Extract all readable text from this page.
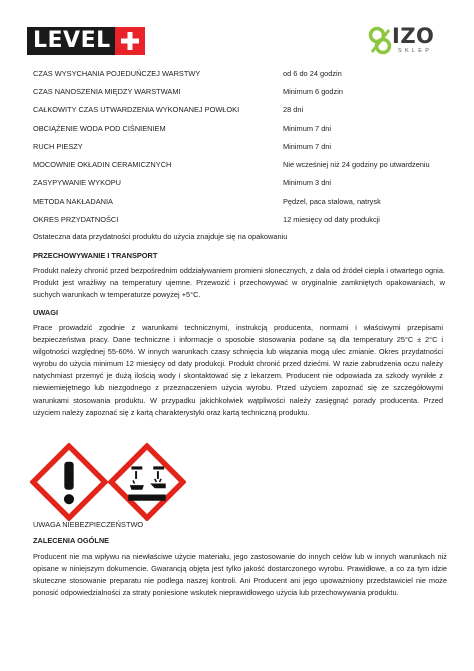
LEVEL	IZO
SKLEP
CZAS WYSYCHANIA POJEDUŃCZEJ WARSTWY	od 6 do 24 godzin
CZAS NANOSZENIA MIĘDZY WARSTWAMI	Minimum 6 godzin
CAŁKOWITY CZAS UTWARDZENIA WYKONANEJ POWŁOKI	28 dni
OBCIĄŻENIE WODA POD CIŚNIENIEM	Minimum 7 dni
RUCH PIESZY	Minimum 7 dni
MOCOWNIE OKŁADIN CERAMICZNYCH	Nie wcześniej niż 24 godziny po utwardzeniu
ZASYPYWANIE WYKOPU	Minimum 3 dni
METODA NAKŁADANIA	Pędzel, paca stalowa, natrysk
OKRES PRZYDATNOŚCI	12 miesięcy od daty produkcji
Ostateczna data przydatności produktu do użycia znajduje się na opakowaniu
PRZECHOWYWANIE I TRANSPORT
Produkt należy chronić przed bezpośrednim oddziaływaniem promieni słonecznych, z dala od źródeł ciepła i otwartego ognia. Produkt jest wrażliwy na temperatury ujemne. Przewozić i przechowywać w oryginalnie zamkniętych opakowaniach, w suchych warunkach w temperaturze powyżej +5°C.
UWAGI
Prace prowadzić zgodnie z warunkami technicznymi, instrukcją producenta, normami i właściwymi przepisami bezpieczeństwa pracy. Dane techniczne i informacje o sposobie stosowania podane są dla temperatury 25°C ± 2°C i wilgotności względnej 55-60%. W innych warunkach czasy schnięcia lub wiązania mogą ulec zmianie. Okres przydatności wyrobu do użycia minimum 12 miesięcy od daty produkcji. Produkt chronić przed dziećmi. W razie zabrudzenia oczu należy natychmiast przemyć je dużą ilością wody i skontaktować się z lekarzem. Producent nie odpowiada za szkody wynikłe z niewiemiejętnego lub niezgodnego z przeznaczeniem użycia wyrobu. Przed użyciem zapoznać się ze szczegółowymi warunkami stosowania produktu. W przypadku jakichkolwiek wątpliwości należy zasięgnąć porady producenta. Przed użyciem należy zapoznać się z kartą charakterystyki oraz kartą techniczną produktu.
UWAGA NIEBEZPIECZEŃSTWO
ZALECENIA OGÓLNE
Producent nie ma wpływu na niewłaściwe użycie materiału, jego zastosowanie do innych celów lub w innych warunkach niż opisane w niniejszym dokumencie. Gwarancją objęta jest tylko jakość dostarczonego wyrobu. Prawidłowe, a co za tym idzie skuteczne stosowanie preparatu nie podlega naszej kontroli. Ani Producent ani jego upoważniony przedstawiciel nie może ponosić odpowiedzialności za straty poniesione wskutek nieprawidłowego użycia lub przechowywania produktu.
